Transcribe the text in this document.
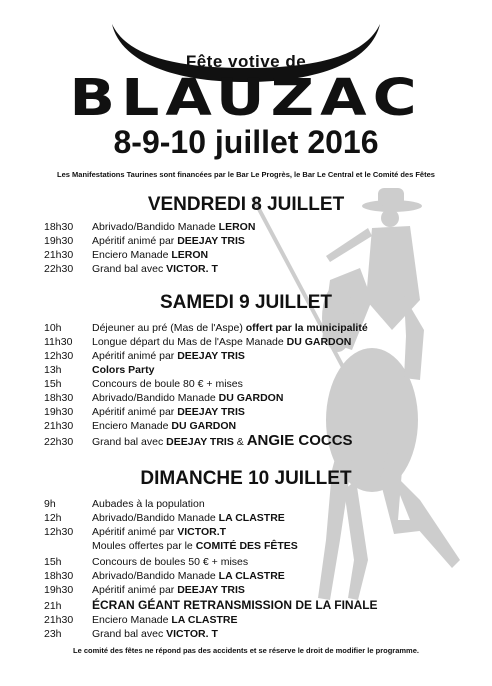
Fête votive de
BLAUZAC
8-9-10 juillet 2016
Les Manifestations Taurines sont financées par le Bar Le Progrès, le Bar Le Central et le Comité des Fêtes
VENDREDI 8 JUILLET
18h30 Abrivado/Bandido Manade LERON
19h30 Apéritif animé par DEEJAY TRIS
21h30 Enciero Manade LERON
22h30 Grand bal avec VICTOR. T
SAMEDI 9 JUILLET
10h	Déjeuner au pré (Mas de l'Aspe) offert par la municipalité
11h30 Longue départ du Mas de l'Aspe Manade DU GARDON
12h30 Apéritif animé par DEEJAY TRIS
13h	Colors Party
15h	Concours de boule 80 € + mises
18h30 Abrivado/Bandido Manade DU GARDON
19h30 Apéritif animé par DEEJAY TRIS
21h30 Enciero Manade DU GARDON
22h30 Grand bal avec DEEJAY TRIS & ANGIE COCCS
DIMANCHE 10 JUILLET
9h	Aubades à la population
12h	Abrivado/Bandido Manade LA CLASTRE
12h30 Apéritif animé par VICTOR.T
Moules offertes par le COMITÉ DES FÊTES
15h	Concours de boules 50 € + mises
18h30 Abrivado/Bandido Manade LA CLASTRE
19h30 Apéritif animé par DEEJAY TRIS
21h	ÉCRAN GÉANT RETRANSMISSION DE LA FINALE
21h30 Enciero Manade LA CLASTRE
23h	Grand bal avec VICTOR. T
Le comité des fêtes ne répond pas des accidents et se réserve le droit de modifier le programme.
